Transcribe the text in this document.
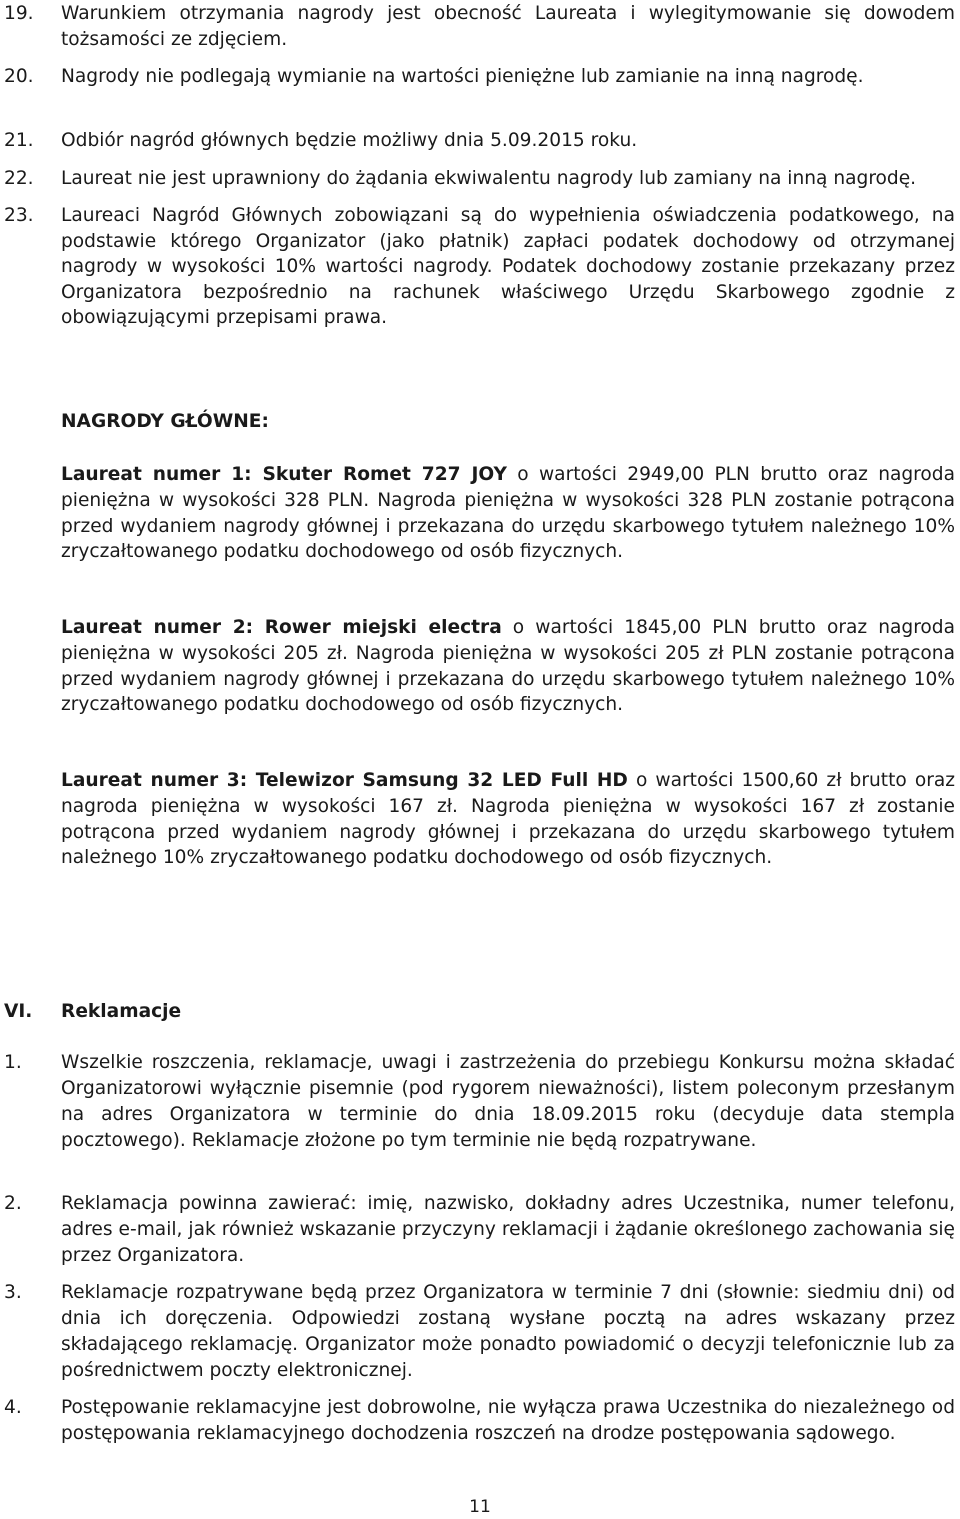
19.	Warunkiem otrzymania nagrody jest obecność Laureata i wylegitymowanie się dowodem tożsamości ze zdjęciem.
20.	Nagrody nie podlegają wymianie na wartości pieniężne lub zamianie na inną nagrodę.
21.	Odbiór nagród głównych będzie możliwy dnia 5.09.2015 roku.
22.	Laureat nie jest uprawniony do żądania ekwiwalentu nagrody lub zamiany na inną nagrodę.
23.	Laureaci Nagród Głównych zobowiązani są do wypełnienia oświadczenia podatkowego, na podstawie którego Organizator (jako płatnik) zapłaci podatek dochodowy od otrzymanej nagrody w wysokości 10% wartości nagrody. Podatek dochodowy zostanie przekazany przez Organizatora bezpośrednio na rachunek właściwego Urzędu Skarbowego zgodnie z obowiązującymi przepisami prawa.
NAGRODY GŁÓWNE:
Laureat numer 1: Skuter Romet 727 JOY o wartości 2949,00 PLN brutto oraz nagroda pieniężna w wysokości 328 PLN. Nagroda pieniężna w wysokości 328 PLN zostanie potrącona przed wydaniem nagrody głównej i przekazana do urzędu skarbowego tytułem należnego 10% zryczałtowanego podatku dochodowego od osób fizycznych.
Laureat numer 2: Rower miejski electra o wartości 1845,00 PLN brutto oraz nagroda pieniężna w wysokości 205 zł. Nagroda pieniężna w wysokości 205 zł PLN zostanie potrącona przed wydaniem nagrody głównej i przekazana do urzędu skarbowego tytułem należnego 10% zryczałtowanego podatku dochodowego od osób fizycznych.
Laureat numer 3: Telewizor Samsung 32 LED Full HD o wartości 1500,60 zł brutto oraz nagroda pieniężna w wysokości 167 zł. Nagroda pieniężna w wysokości 167 zł zostanie potrącona przed wydaniem nagrody głównej i przekazana do urzędu skarbowego tytułem należnego 10% zryczałtowanego podatku dochodowego od osób fizycznych.
VI. Reklamacje
1.	Wszelkie roszczenia, reklamacje, uwagi i zastrzeżenia do przebiegu Konkursu można składać Organizatorowi wyłącznie pisemnie (pod rygorem nieważności), listem poleconym przesłanym na adres Organizatora w terminie do dnia 18.09.2015 roku (decyduje data stempla pocztowego). Reklamacje złożone po tym terminie nie będą rozpatrywane.
2.	Reklamacja powinna zawierać: imię, nazwisko, dokładny adres Uczestnika, numer telefonu, adres e-mail, jak również wskazanie przyczyny reklamacji i żądanie określonego zachowania się przez Organizatora.
3.	Reklamacje rozpatrywane będą przez Organizatora w terminie 7 dni (słownie: siedmiu dni) od dnia ich doręczenia. Odpowiedzi zostaną wysłane pocztą na adres wskazany przez składającego reklamację. Organizator może ponadto powiadomić o decyzji telefonicznie lub za pośrednictwem poczty elektronicznej.
4.	Postępowanie reklamacyjne jest dobrowolne, nie wyłącza prawa Uczestnika do niezależnego od postępowania reklamacyjnego dochodzenia roszczeń na drodze postępowania sądowego.
11
